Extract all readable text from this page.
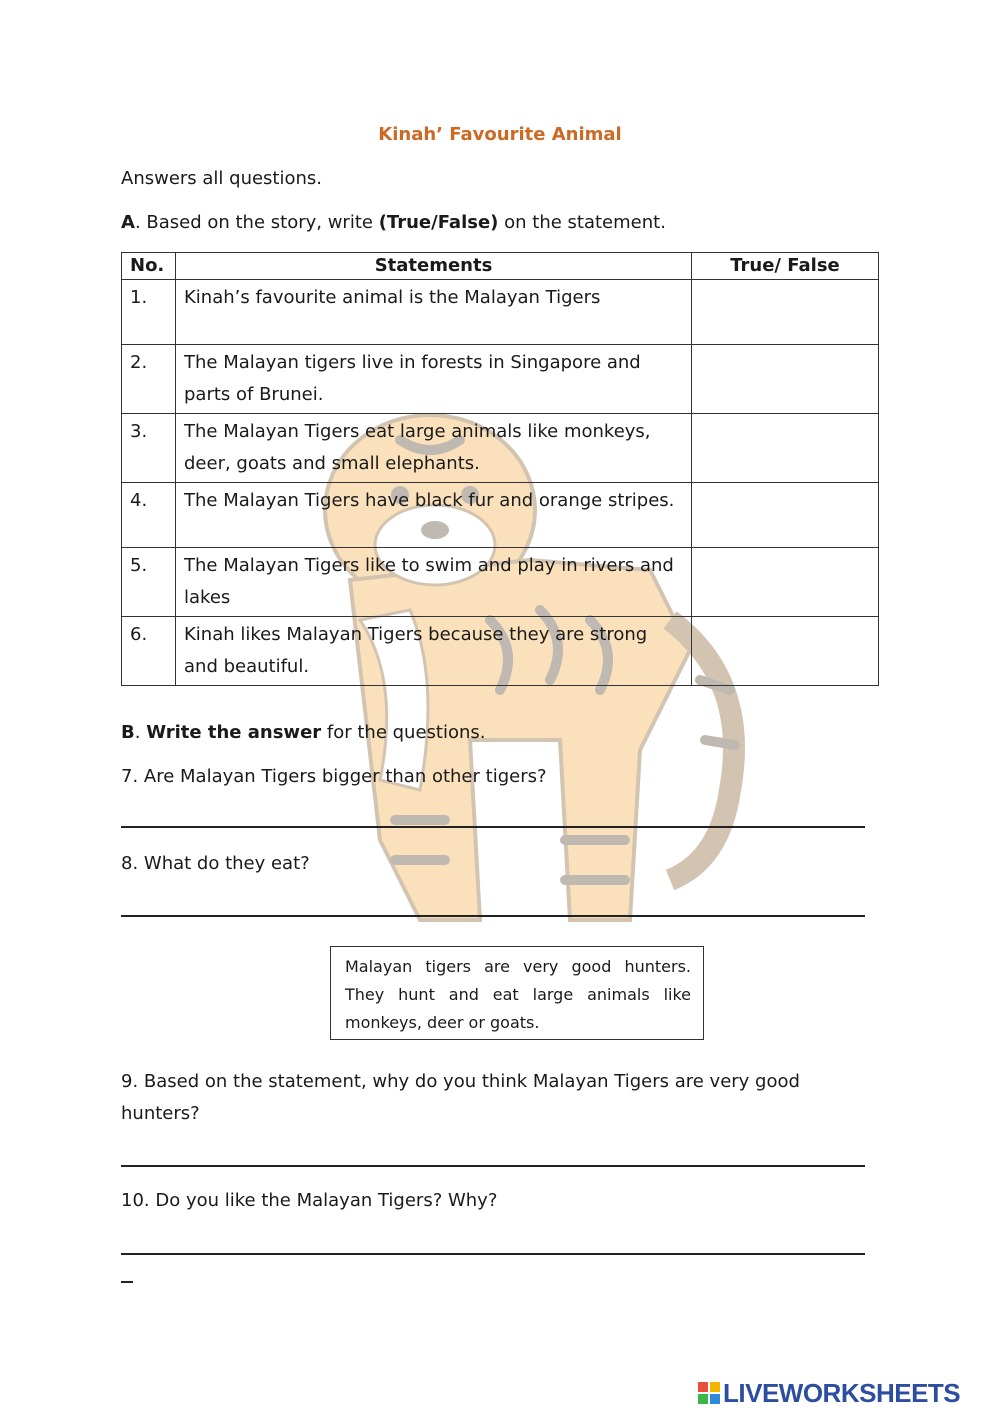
Kinah’ Favourite Animal
Answers all questions.
A. Based on the story, write (True/False) on the statement.
No.	Statements	True/ False
1.	Kinah’s favourite animal is the Malayan Tigers	
2.	The Malayan tigers live in forests in Singapore and parts of Brunei.	
3.	The Malayan Tigers eat large animals like monkeys, deer, goats and small elephants.	
4.	The Malayan Tigers have black fur and orange stripes.	
5.	The Malayan Tigers like to swim and play in rivers and lakes	
6.	Kinah likes Malayan Tigers because they are strong and beautiful.	
B. Write the answer for the questions.
7. Are Malayan Tigers bigger than other tigers?
8. What do they eat?
Malayan tigers are very good hunters. They hunt and eat large animals like monkeys, deer or goats.
9. Based on the statement, why do you think Malayan Tigers are very good
hunters?
10. Do you like the Malayan Tigers? Why?
LIVEWORKSHEETS
